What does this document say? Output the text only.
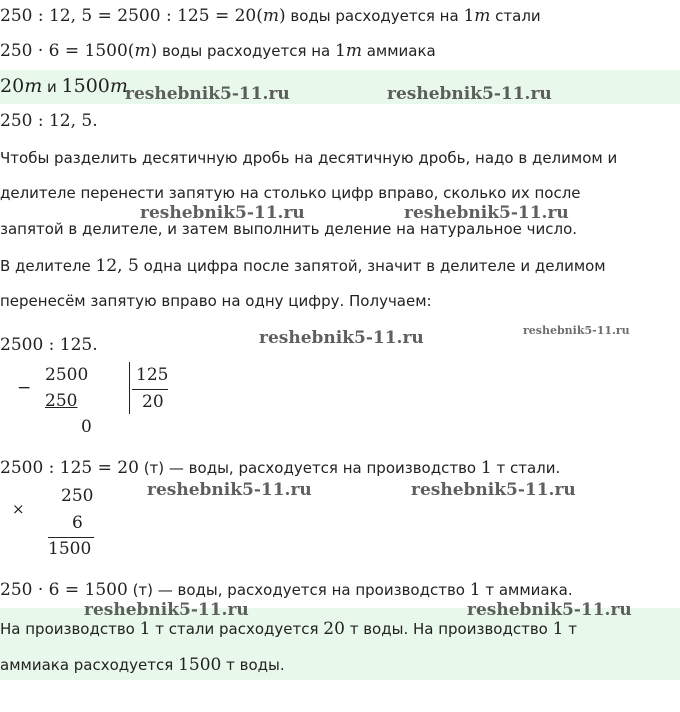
250 : 12, 5 = 2500 : 125 = 20(т) воды расходуется на 1т стали
250 · 6 = 1500(т) воды расходуется на 1т аммиака
20т и 1500т
250 : 12, 5.
Чтобы разделить десятичную дробь на десятичную дробь, надо в делимом и
делителе перенести запятую на столько цифр вправо, сколько их после
запятой в делителе, и затем выполнить деление на натуральное число.
В делителе 12, 5 одна цифра после запятой, значит в делителе и делимом
перенесём запятую вправо на одну цифру. Получаем:
2500 : 125.
−
2500
250
0
125
20
2500 : 125 = 20 (т) — воды, расходуется на производство 1 т стали.
×
250
6
1500
250 · 6 = 1500 (т) — воды, расходуется на производство 1 т аммиака.
На производство 1 т стали расходуется 20 т воды. На производство 1 т
аммиака расходуется 1500 т воды.
reshebnik5-11.ru	reshebnik5-11.ru
reshebnik5-11.ru	reshebnik5-11.ru
reshebnik5-11.ru	reshebnik5-11.ru
reshebnik5-11.ru	reshebnik5-11.ru
reshebnik5-11.ru	reshebnik5-11.ru
